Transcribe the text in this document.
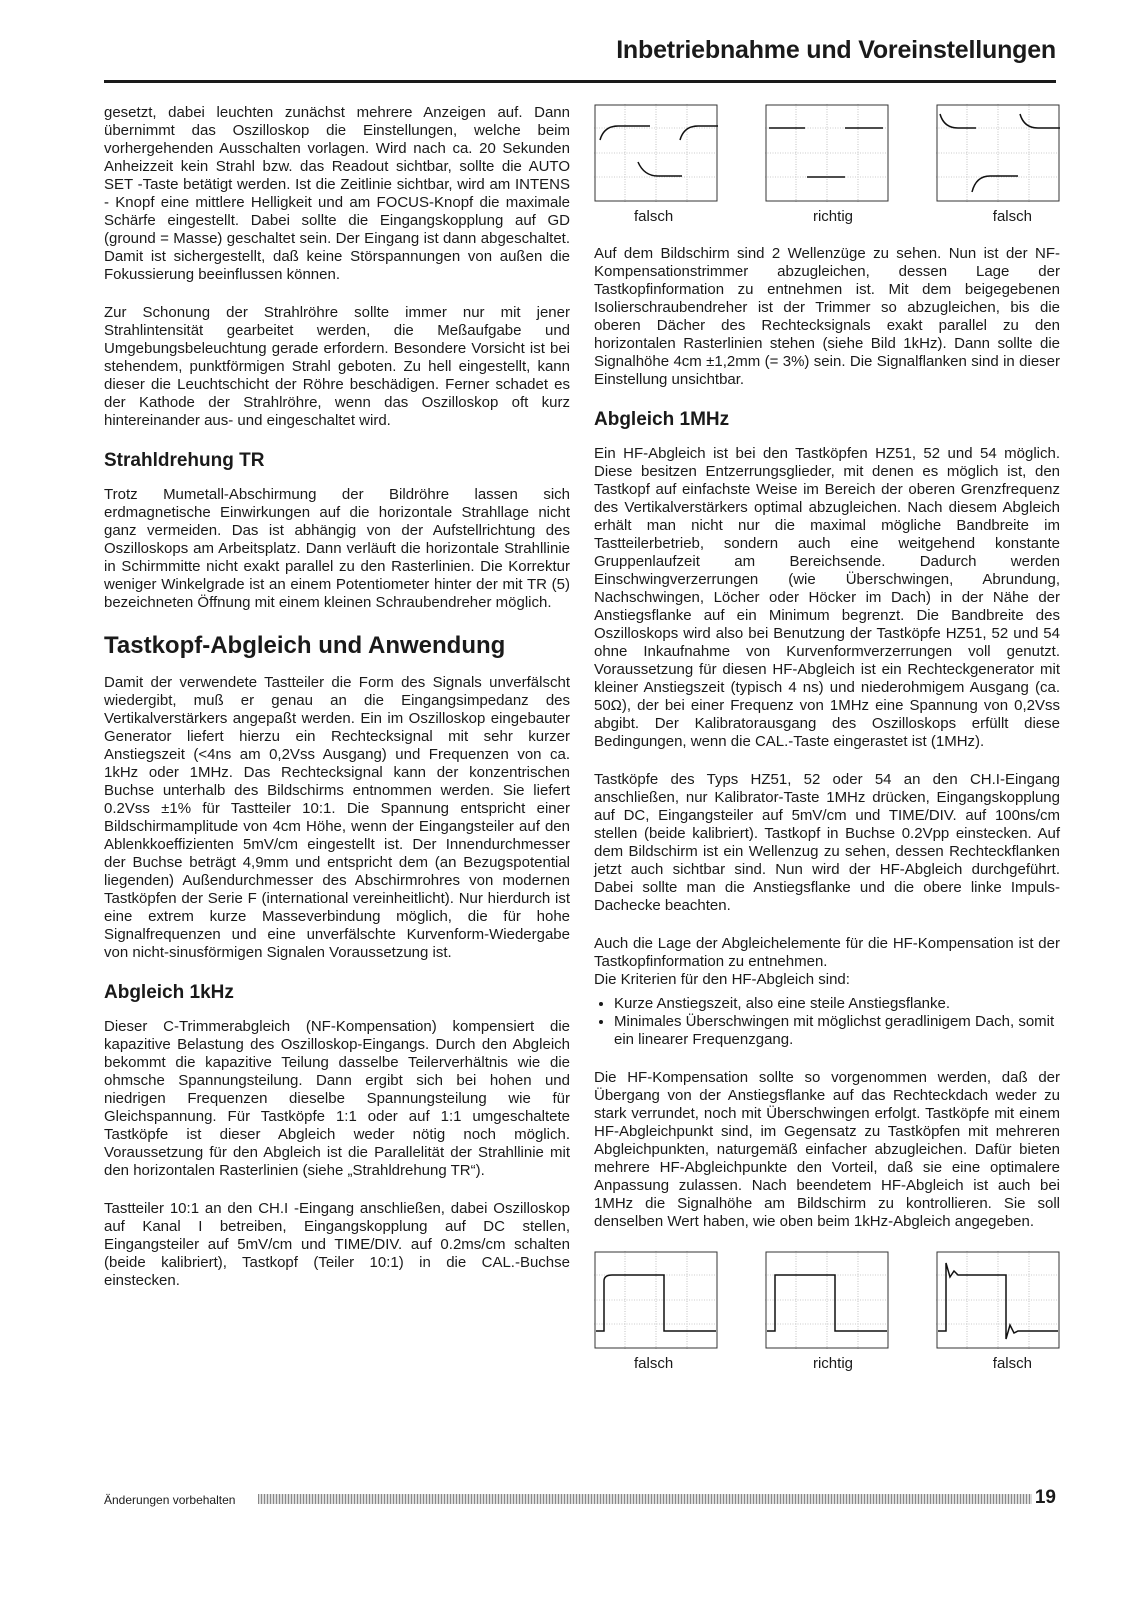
Inbetriebnahme und Voreinstellungen

gesetzt, dabei leuchten zunächst mehrere Anzeigen auf. Dann übernimmt das Oszilloskop die Einstellungen, welche beim vorhergehenden Ausschalten vorlagen. Wird nach ca. 20 Sekunden Anheizzeit kein Strahl bzw. das Readout sichtbar, sollte die AUTO SET -Taste betätigt werden. Ist die Zeitlinie sichtbar, wird am INTENS - Knopf eine mittlere Helligkeit und am FOCUS-Knopf die maximale Schärfe eingestellt. Dabei sollte die Eingangskopplung auf GD (ground = Masse) geschaltet sein. Der Eingang ist dann abgeschaltet. Damit ist sichergestellt, daß keine Störspannungen von außen die Fokussierung beeinflussen können.

Zur Schonung der Strahlröhre sollte immer nur mit jener Strahlintensität gearbeitet werden, die Meßaufgabe und Umgebungsbeleuchtung gerade erfordern. Besondere Vorsicht ist bei stehendem, punktförmigen Strahl geboten. Zu hell eingestellt, kann dieser die Leuchtschicht der Röhre beschädigen. Ferner schadet es der Kathode der Strahlröhre, wenn das Oszilloskop oft kurz hintereinander aus- und eingeschaltet wird.

Strahldrehung TR

Trotz Mumetall-Abschirmung der Bildröhre lassen sich erdmagnetische Einwirkungen auf die horizontale Strahllage nicht ganz vermeiden. Das ist abhängig von der Aufstellrichtung des Oszilloskops am Arbeitsplatz. Dann verläuft die horizontale Strahllinie in Schirmmitte nicht exakt parallel zu den Rasterlinien. Die Korrektur weniger Winkelgrade ist an einem Potentiometer hinter der mit TR (5) bezeichneten Öffnung mit einem kleinen Schraubendreher möglich.

Tastkopf-Abgleich und Anwendung

Damit der verwendete Tastteiler die Form des Signals unverfälscht wiedergibt, muß er genau an die Eingangsimpedanz des Vertikalverstärkers angepaßt werden. Ein im Oszilloskop eingebauter Generator liefert hierzu ein Rechtecksignal mit sehr kurzer Anstiegszeit (<4ns am 0,2Vss Ausgang) und Frequenzen von ca. 1kHz oder 1MHz. Das Rechtecksignal kann der konzentrischen Buchse unterhalb des Bildschirms entnommen werden. Sie liefert 0.2Vss ±1% für Tastteiler 10:1. Die Spannung entspricht einer Bildschirmamplitude von 4cm Höhe, wenn der Eingangsteiler auf den Ablenkkoeffizienten 5mV/cm eingestellt ist. Der Innendurchmesser der Buchse beträgt 4,9mm und entspricht dem (an Bezugspotential liegenden) Außendurchmesser des Abschirmrohres von modernen Tastköpfen der Serie F (international vereinheitlicht). Nur hierdurch ist eine extrem kurze Masseverbindung möglich, die für hohe Signalfrequenzen und eine unverfälschte Kurvenform-Wiedergabe von nicht-sinusförmigen Signalen Voraussetzung ist.

Abgleich 1kHz

Dieser C-Trimmerabgleich (NF-Kompensation) kompensiert die kapazitive Belastung des Oszilloskop-Eingangs. Durch den Abgleich bekommt die kapazitive Teilung dasselbe Teilerverhältnis wie die ohmsche Spannungsteilung. Dann ergibt sich bei hohen und niedrigen Frequenzen dieselbe Spannungsteilung wie für Gleichspannung. Für Tastköpfe 1:1 oder auf 1:1 umgeschaltete Tastköpfe ist dieser Abgleich weder nötig noch möglich. Voraussetzung für den Abgleich ist die Parallelität der Strahllinie mit den horizontalen Rasterlinien (siehe „Strahldrehung TR“).

Tastteiler 10:1 an den CH.I -Eingang anschließen, dabei Oszilloskop auf Kanal I betreiben, Eingangskopplung auf DC stellen, Eingangsteiler auf 5mV/cm und TIME/DIV. auf 0.2ms/cm schalten (beide kalibriert), Tastkopf (Teiler 10:1) in die CAL.-Buchse einstecken.

falsch	richtig	falsch

Auf dem Bildschirm sind 2 Wellenzüge zu sehen. Nun ist der NF-Kompensationstrimmer abzugleichen, dessen Lage der Tastkopfinformation zu entnehmen ist. Mit dem beigegebenen Isolierschraubendreher ist der Trimmer so abzugleichen, bis die oberen Dächer des Rechtecksignals exakt parallel zu den horizontalen Rasterlinien stehen (siehe Bild 1kHz). Dann sollte die Signalhöhe 4cm ±1,2mm (= 3%) sein. Die Signalflanken sind in dieser Einstellung unsichtbar.

Abgleich 1MHz

Ein HF-Abgleich ist bei den Tastköpfen HZ51, 52 und 54 möglich. Diese besitzen Entzerrungsglieder, mit denen es möglich ist, den Tastkopf auf einfachste Weise im Bereich der oberen Grenzfrequenz des Vertikalverstärkers optimal abzugleichen. Nach diesem Abgleich erhält man nicht nur die maximal mögliche Bandbreite im Tastteilerbetrieb, sondern auch eine weitgehend konstante Gruppenlaufzeit am Bereichsende. Dadurch werden Einschwingverzerrungen (wie Überschwingen, Abrundung, Nachschwingen, Löcher oder Höcker im Dach) in der Nähe der Anstiegsflanke auf ein Minimum begrenzt. Die Bandbreite des Oszilloskops wird also bei Benutzung der Tastköpfe HZ51, 52 und 54 ohne Inkaufnahme von Kurvenformverzerrungen voll genutzt. Voraussetzung für diesen HF-Abgleich ist ein Rechteckgenerator mit kleiner Anstiegszeit (typisch 4 ns) und niederohmigem Ausgang (ca. 50Ω), der bei einer Frequenz von 1MHz eine Spannung von 0,2Vss abgibt. Der Kalibratorausgang des Oszilloskops erfüllt diese Bedingungen, wenn die CAL.-Taste eingerastet ist (1MHz).

Tastköpfe des Typs HZ51, 52 oder 54 an den CH.I-Eingang anschließen, nur Kalibrator-Taste 1MHz drücken, Eingangskopplung auf DC, Eingangsteiler auf 5mV/cm und TIME/DIV. auf 100ns/cm stellen (beide kalibriert). Tastkopf in Buchse 0.2Vpp einstecken. Auf dem Bildschirm ist ein Wellenzug zu sehen, dessen Rechteckflanken jetzt auch sichtbar sind. Nun wird der HF-Abgleich durchgeführt. Dabei sollte man die Anstiegsflanke und die obere linke Impuls-Dachecke beachten.

Auch die Lage der Abgleichelemente für die HF-Kompensation ist der Tastkopfinformation zu entnehmen.

Die Kriterien für den HF-Abgleich sind:

• Kurze Anstiegszeit, also eine steile Anstiegsflanke.
• Minimales Überschwingen mit möglichst geradlinigem Dach, somit ein linearer Frequenzgang.

Die HF-Kompensation sollte so vorgenommen werden, daß der Übergang von der Anstiegsflanke auf das Rechteckdach weder zu stark verrundet, noch mit Überschwingen erfolgt. Tastköpfe mit einem HF-Abgleichpunkt sind, im Gegensatz zu Tastköpfen mit mehreren Abgleichpunkten, naturgemäß einfacher abzugleichen. Dafür bieten mehrere HF-Abgleichpunkte den Vorteil, daß sie eine optimalere Anpassung zulassen. Nach beendetem HF-Abgleich ist auch bei 1MHz die Signalhöhe am Bildschirm zu kontrollieren. Sie soll denselben Wert haben, wie oben beim 1kHz-Abgleich angegeben.

falsch	richtig	falsch
Änderungen vorbehalten	19
